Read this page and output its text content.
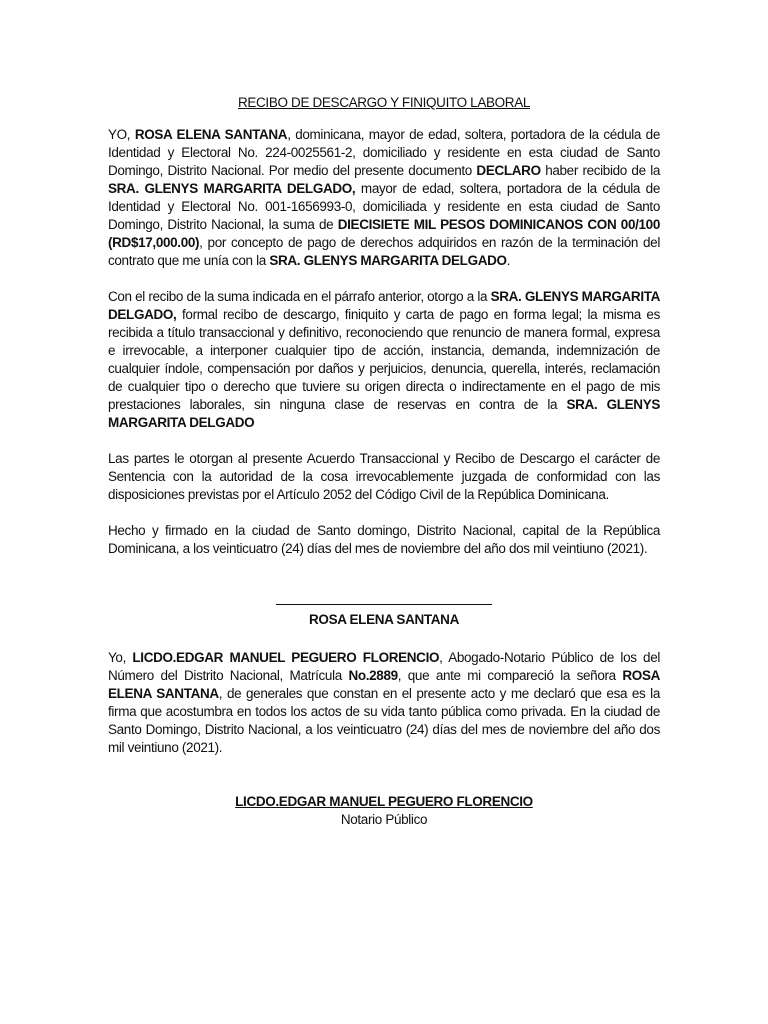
RECIBO DE DESCARGO Y FINIQUITO LABORAL

YO, ROSA ELENA SANTANA, dominicana, mayor de edad, soltera, portadora de la cédula de Identidad y Electoral No. 224-0025561-2, domiciliado y residente en esta ciudad de Santo Domingo, Distrito Nacional. Por medio del presente documento DECLARO haber recibido de la SRA. GLENYS MARGARITA DELGADO, mayor de edad, soltera, portadora de la cédula de Identidad y Electoral No. 001-1656993-0, domiciliada y residente en esta ciudad de Santo Domingo, Distrito Nacional, la suma de DIECISIETE MIL PESOS DOMINICANOS CON 00/100 (RD$17,000.00), por concepto de pago de derechos adquiridos en razón de la terminación del contrato que me unía con la SRA. GLENYS MARGARITA DELGADO.

Con el recibo de la suma indicada en el párrafo anterior, otorgo a la SRA. GLENYS MARGARITA DELGADO, formal recibo de descargo, finiquito y carta de pago en forma legal; la misma es recibida a título transaccional y definitivo, reconociendo que renuncio de manera formal, expresa e irrevocable, a interponer cualquier tipo de acción, instancia, demanda, indemnización de cualquier índole, compensación por daños y perjuicios, denuncia, querella, interés, reclamación de cualquier tipo o derecho que tuviere su origen directa o indirectamente en el pago de mis prestaciones laborales, sin ninguna clase de reservas en contra de la SRA. GLENYS MARGARITA DELGADO

Las partes le otorgan al presente Acuerdo Transaccional y Recibo de Descargo el carácter de Sentencia con la autoridad de la cosa irrevocablemente juzgada de conformidad con las disposiciones previstas por el Artículo 2052 del Código Civil de la República Dominicana.

Hecho y firmado en la ciudad de Santo domingo, Distrito Nacional, capital de la República Dominicana, a los veinticuatro (24) días del mes de noviembre del año dos mil veintiuno (2021).

ROSA ELENA SANTANA

Yo, LICDO.EDGAR MANUEL PEGUERO FLORENCIO, Abogado-Notario Público de los del Número del Distrito Nacional, Matrícula No.2889, que ante mi compareció la señora ROSA ELENA SANTANA, de generales que constan en el presente acto y me declaró que esa es la firma que acostumbra en todos los actos de su vida tanto pública como privada. En la ciudad de Santo Domingo, Distrito Nacional, a los veinticuatro (24) días del mes de noviembre del año dos mil veintiuno (2021).

LICDO.EDGAR MANUEL PEGUERO FLORENCIO
Notario Público
